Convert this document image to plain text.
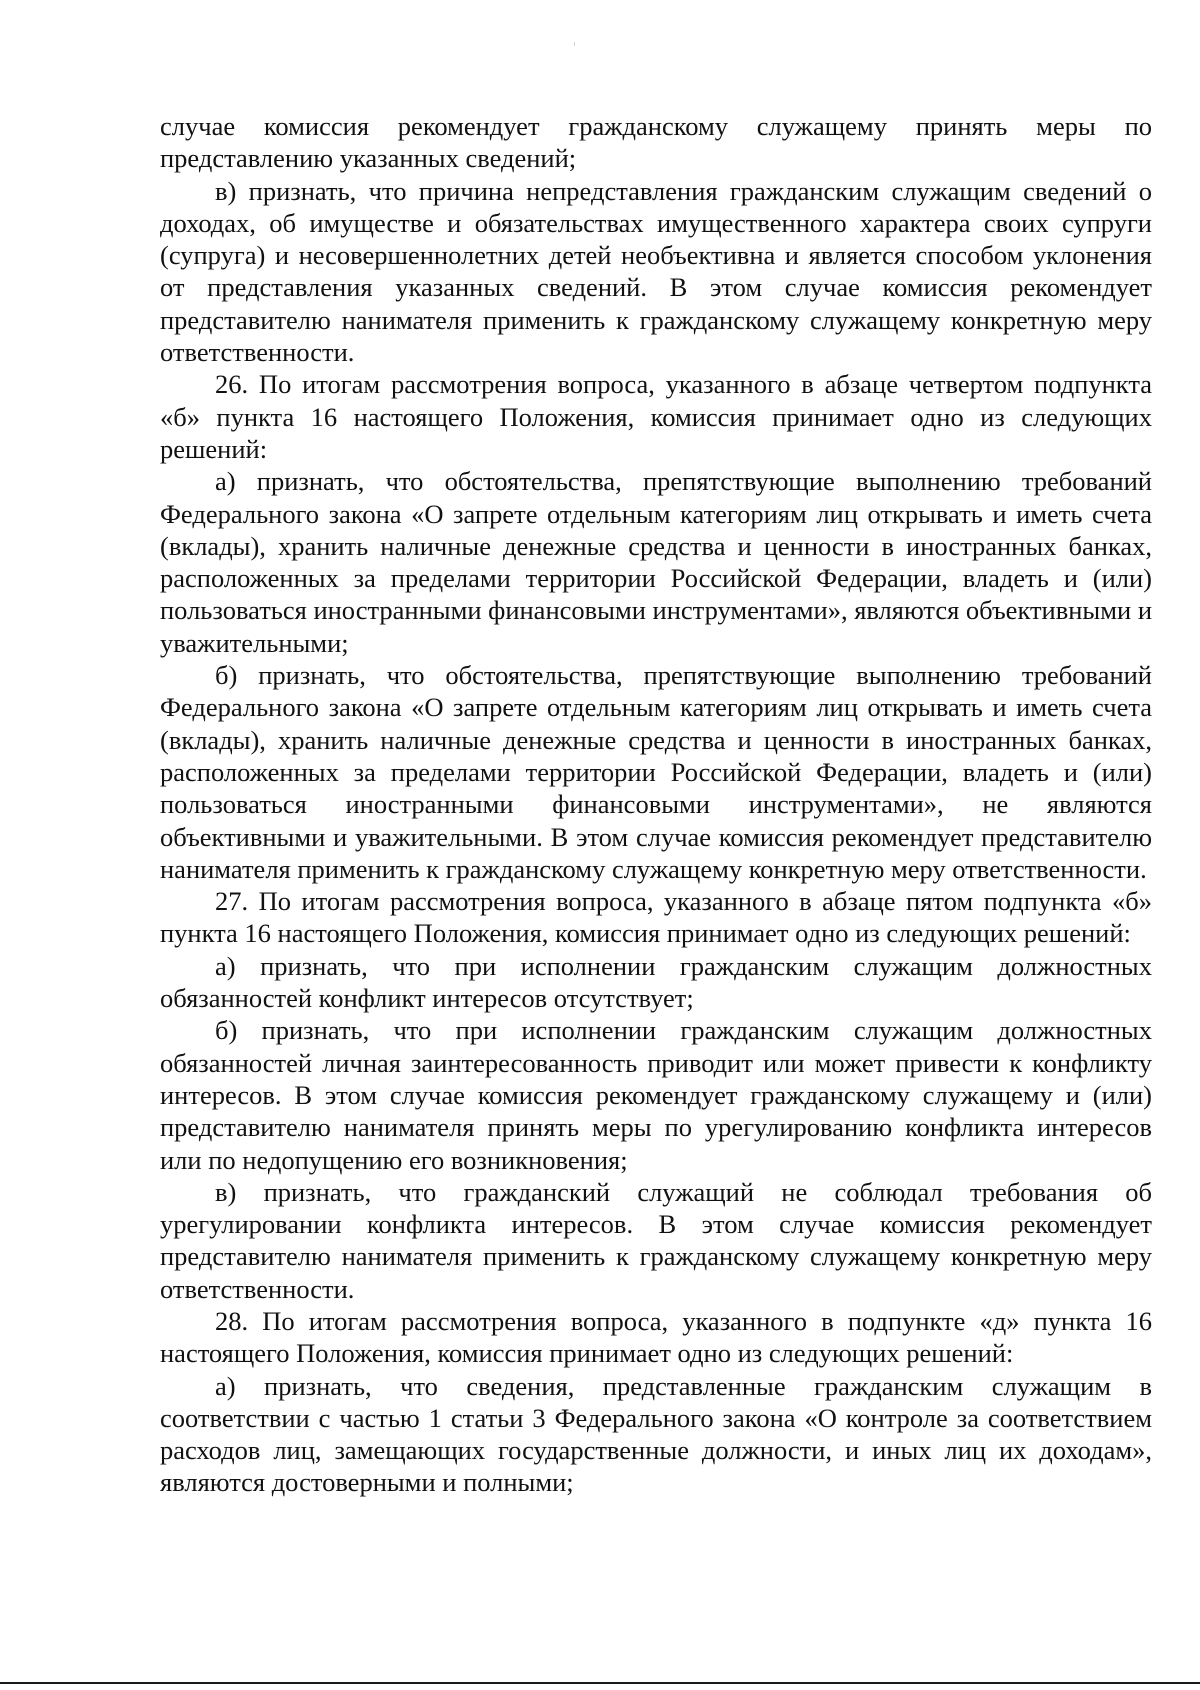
случае комиссия рекомендует гражданскому служащему принять меры по представлению указанных сведений;

в) признать, что причина непредставления гражданским служащим сведений о доходах, об имуществе и обязательствах имущественного характера своих супруги (супруга) и несовершеннолетних детей необъективна и является способом уклонения от представления указанных сведений. В этом случае комиссия рекомендует представителю нанимателя применить к гражданскому служащему конкретную меру ответственности.

26. По итогам рассмотрения вопроса, указанного в абзаце четвертом подпункта «б» пункта 16 настоящего Положения, комиссия принимает одно из следующих решений:

а) признать, что обстоятельства, препятствующие выполнению требований Федерального закона «О запрете отдельным категориям лиц открывать и иметь счета (вклады), хранить наличные денежные средства и ценности в иностранных банках, расположенных за пределами территории Российской Федерации, владеть и (или) пользоваться иностранными финансовыми инструментами», являются объективными и уважительными;

б) признать, что обстоятельства, препятствующие выполнению требований Федерального закона «О запрете отдельным категориям лиц открывать и иметь счета (вклады), хранить наличные денежные средства и ценности в иностранных банках, расположенных за пределами территории Российской Федерации, владеть и (или) пользоваться иностранными финансовыми инструментами», не являются объективными и уважительными. В этом случае комиссия рекомендует представителю нанимателя применить к гражданскому служащему конкретную меру ответственности.

27. По итогам рассмотрения вопроса, указанного в абзаце пятом подпункта «б» пункта 16 настоящего Положения, комиссия принимает одно из следующих решений:

а) признать, что при исполнении гражданским служащим должностных обязанностей конфликт интересов отсутствует;

б) признать, что при исполнении гражданским служащим должностных обязанностей личная заинтересованность приводит или может привести к конфликту интересов. В этом случае комиссия рекомендует гражданскому служащему и (или) представителю нанимателя принять меры по урегулированию конфликта интересов или по недопущению его возникновения;

в) признать, что гражданский служащий не соблюдал требования об урегулировании конфликта интересов. В этом случае комиссия рекомендует представителю нанимателя применить к гражданскому служащему конкретную меру ответственности.

28. По итогам рассмотрения вопроса, указанного в подпункте «д» пункта 16 настоящего Положения, комиссия принимает одно из следующих решений:

а) признать, что сведения, представленные гражданским служащим в соответствии с частью 1 статьи 3 Федерального закона «О контроле за соответствием расходов лиц, замещающих государственные должности, и иных лиц их доходам», являются достоверными и полными;
